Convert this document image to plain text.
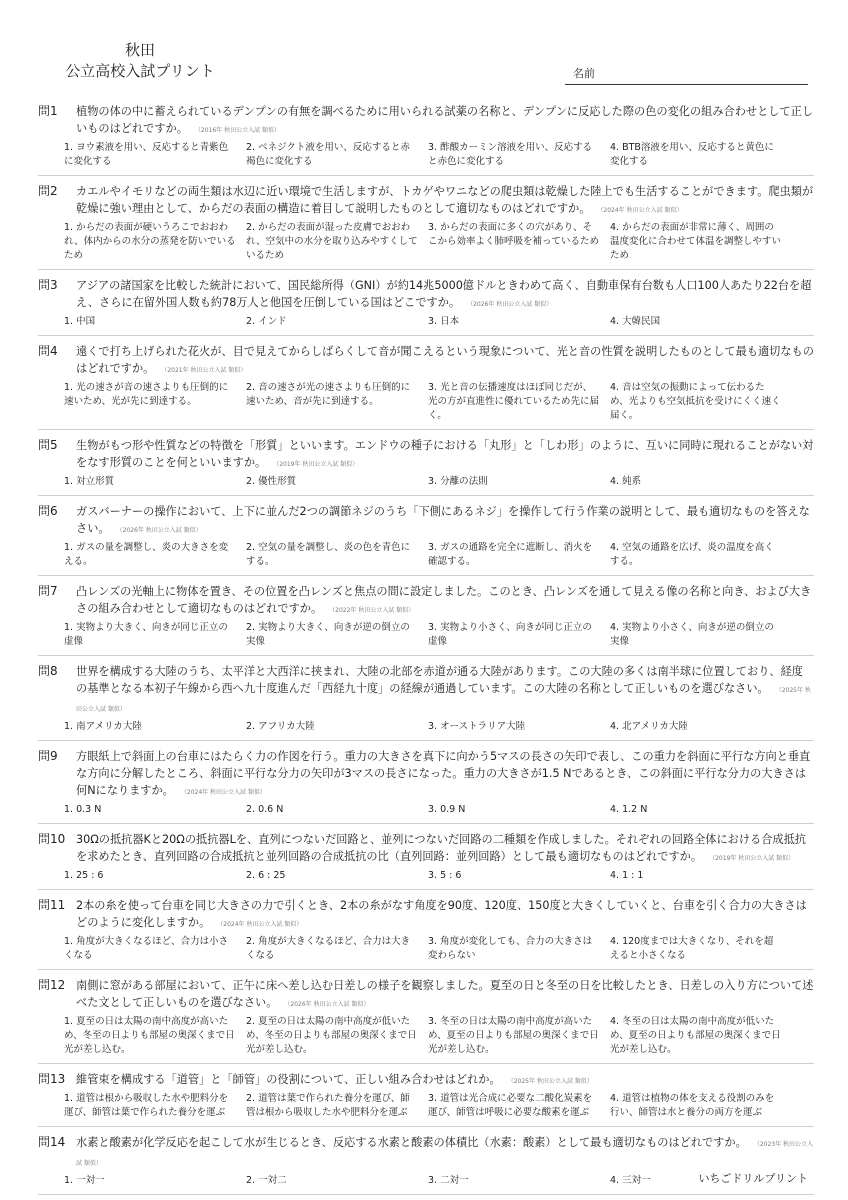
秋田
公立高校入試プリント	名前
問1	植物の体の中に蓄えられているデンプンの有無を調べるために用いられる試薬の名称と、デンプンに反応した際の色の変化の組み合わせとして正しいものはどれですか。 （2016年 秋田公立入試 類似）
1. ヨウ素液を用い、反応すると青紫色に変化する
2. ベネジクト液を用い、反応すると赤褐色に変化する
3. 酢酸カーミン溶液を用い、反応すると赤色に変化する
4. BTB溶液を用い、反応すると黄色に変化する
問2	カエルやイモリなどの両生類は水辺に近い環境で生活しますが、トカゲやワニなどの爬虫類は乾燥した陸上でも生活することができます。爬虫類が乾燥に強い理由として、からだの表面の構造に着目して説明したものとして適切なものはどれですか。 （2024年 秋田公立入試 類似）
1. からだの表面が硬いうろこでおおわれ、体内からの水分の蒸発を防いでいるため
2. からだの表面が湿った皮膚でおおわれ、空気中の水分を取り込みやすくしているため
3. からだの表面に多くの穴があり、そこから効率よく肺呼吸を補っているため
4. からだの表面が非常に薄く、周囲の温度変化に合わせて体温を調整しやすいため
問3	アジアの諸国家を比較した統計において、国民総所得（GNI）が約14兆5000億ドルときわめて高く、自動車保有台数も人口100人あたり22台を超え、さらに在留外国人数も約78万人と他国を圧倒している国はどこですか。 （2026年 秋田公立入試 類似）
1. 中国	2. インド	3. 日本	4. 大韓民国
問4	遠くで打ち上げられた花火が、目で見えてからしばらくして音が聞こえるという現象について、光と音の性質を説明したものとして最も適切なものはどれですか。 （2021年 秋田公立入試 類似）
1. 光の速さが音の速さよりも圧倒的に速いため、光が先に到達する。
2. 音の速さが光の速さよりも圧倒的に速いため、音が先に到達する。
3. 光と音の伝播速度はほぼ同じだが、光の方が直進性に優れているため先に届く。
4. 音は空気の振動によって伝わるため、光よりも空気抵抗を受けにくく速く届く。
問5	生物がもつ形や性質などの特徴を「形質」といいます。エンドウの種子における「丸形」と「しわ形」のように、互いに同時に現れることがない対をなす形質のことを何といいますか。 （2019年 秋田公立入試 類似）
1. 対立形質	2. 優性形質	3. 分離の法則	4. 純系
問6	ガスバーナーの操作において、上下に並んだ2つの調節ネジのうち「下側にあるネジ」を操作して行う作業の説明として、最も適切なものを答えなさい。 （2026年 秋田公立入試 類似）
1. ガスの量を調整し、炎の大きさを変える。
2. 空気の量を調整し、炎の色を青色にする。
3. ガスの通路を完全に遮断し、消火を確認する。
4. 空気の通路を広げ、炎の温度を高くする。
問7	凸レンズの光軸上に物体を置き、その位置を凸レンズと焦点の間に設定しました。このとき、凸レンズを通して見える像の名称と向き、および大きさの組み合わせとして適切なものはどれですか。 （2022年 秋田公立入試 類似）
1. 実物より大きく、向きが同じ正立の虚像
2. 実物より大きく、向きが逆の倒立の実像
3. 実物より小さく、向きが同じ正立の虚像
4. 実物より小さく、向きが逆の倒立の実像
問8	世界を構成する大陸のうち、太平洋と大西洋に挟まれ、大陸の北部を赤道が通る大陸があります。この大陸の多くは南半球に位置しており、経度の基準となる本初子午線から西へ九十度進んだ「西経九十度」の経線が通過しています。この大陸の名称として正しいものを選びなさい。 （2025年 秋田公立入試 類似）
1. 南アメリカ大陸	2. アフリカ大陸	3. オーストラリア大陸	4. 北アメリカ大陸
問9	方眼紙上で斜面上の台車にはたらく力の作図を行う。重力の大きさを真下に向かう5マスの長さの矢印で表し、この重力を斜面に平行な方向と垂直な方向に分解したところ、斜面に平行な分力の矢印が3マスの長さになった。重力の大きさが1.5 Nであるとき、この斜面に平行な分力の大きさは何Nになりますか。 （2024年 秋田公立入試 類似）
1. 0.3 N	2. 0.6 N	3. 0.9 N	4. 1.2 N
問10 30Ωの抵抗器Kと20Ωの抵抗器Lを、直列につないだ回路と、並列につないだ回路の二種類を作成しました。それぞれの回路全体における合成抵抗を求めたとき、直列回路の合成抵抗と並列回路の合成抵抗の比（直列回路：並列回路）として最も適切なものはどれですか。 （2019年 秋田公立入試 類似）
1. 25 : 6	2. 6 : 25	3. 5 : 6	4. 1 : 1
問11 2本の糸を使って台車を同じ大きさの力で引くとき、2本の糸がなす角度を90度、120度、150度と大きくしていくと、台車を引く合力の大きさはどのように変化しますか。 （2024年 秋田公立入試 類似）
1. 角度が大きくなるほど、合力は小さくなる
2. 角度が大きくなるほど、合力は大きくなる
3. 角度が変化しても、合力の大きさは変わらない
4. 120度までは大きくなり、それを超えると小さくなる
問12 南側に窓がある部屋において、正午に床へ差し込む日差しの様子を観察しました。夏至の日と冬至の日を比較したとき、日差しの入り方について述べた文として正しいものを選びなさい。 （2026年 秋田公立入試 類似）
1. 夏至の日は太陽の南中高度が高いため、冬至の日よりも部屋の奥深くまで日光が差し込む。
2. 夏至の日は太陽の南中高度が低いため、冬至の日よりも部屋の奥深くまで日光が差し込む。
3. 冬至の日は太陽の南中高度が高いため、夏至の日よりも部屋の奥深くまで日光が差し込む。
4. 冬至の日は太陽の南中高度が低いため、夏至の日よりも部屋の奥深くまで日光が差し込む。
問13 維管束を構成する「道管」と「師管」の役割について、正しい組み合わせはどれか。 （2025年 秋田公立入試 類似）
1. 道管は根から吸収した水や肥料分を運び、師管は葉で作られた養分を運ぶ
2. 道管は葉で作られた養分を運び、師管は根から吸収した水や肥料分を運ぶ
3. 道管は光合成に必要な二酸化炭素を運び、師管は呼吸に必要な酸素を運ぶ
4. 道管は植物の体を支える役割のみを行い、師管は水と養分の両方を運ぶ
問14 水素と酸素が化学反応を起こして水が生じるとき、反応する水素と酸素の体積比（水素：酸素）として最も適切なものはどれですか。 （2023年 秋田公立入試 類似）
1. 一対一	2. 一対二	3. 二対一	4. 三対一	いちごドリルプリント
